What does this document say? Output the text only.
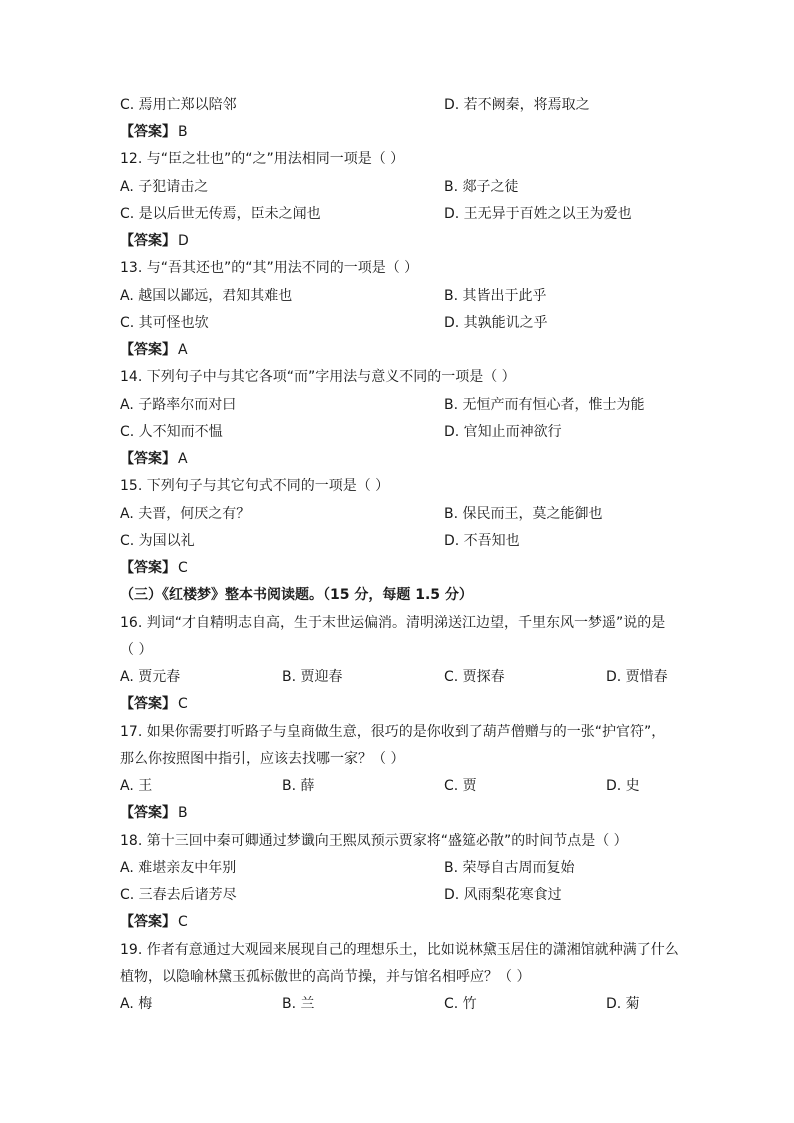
C. 焉用亡郑以陪邻	D. 若不阙秦，将焉取之
【答案】 B
12. 与“臣之壮也”的“之”用法相同一项是（ ）
A. 子犯请击之	B. 郯子之徒
C. 是以后世无传焉，臣未之闻也	D. 王无异于百姓之以王为爱也
【答案】 D
13. 与“吾其还也”的“其”用法不同的一项是（ ）
A. 越国以鄙远，君知其难也	B. 其皆出于此乎
C. 其可怪也欤	D. 其孰能讥之乎
【答案】 A
14. 下列句子中与其它各项“而”字用法与意义不同的一项是（ ）
A. 子路率尔而对曰	B. 无恒产而有恒心者，惟士为能
C. 人不知而不愠	D. 官知止而神欲行
【答案】 A
15. 下列句子与其它句式不同的一项是（ ）
A. 夫晋，何厌之有？	B. 保民而王，莫之能御也
C. 为国以礼	D. 不吾知也
【答案】 C
（三）《红楼梦》整本书阅读题。（15 分，每题 1.5 分）
16. 判词“才自精明志自高，生于末世运偏消。清明涕送江边望，千里东风一梦遥”说的是
（ ）
A. 贾元春	B. 贾迎春	C. 贾探春	D. 贾惜春
【答案】 C
17. 如果你需要打听路子与皇商做生意，很巧的是你收到了葫芦僧赠与的一张“护官符”，
那么你按照图中指引，应该去找哪一家？（ ）
A. 王	B. 薛	C. 贾	D. 史
【答案】 B
18. 第十三回中秦可卿通过梦谶向王熙凤预示贾家将“盛筵必散”的时间节点是（ ）
A. 难堪亲友中年别	B. 荣辱自古周而复始
C. 三春去后诸芳尽	D. 风雨梨花寒食过
【答案】 C
19. 作者有意通过大观园来展现自己的理想乐土，比如说林黛玉居住的潇湘馆就种满了什么
植物，以隐喻林黛玉孤标傲世的高尚节操，并与馆名相呼应？（ ）
A. 梅	B. 兰	C. 竹	D. 菊
